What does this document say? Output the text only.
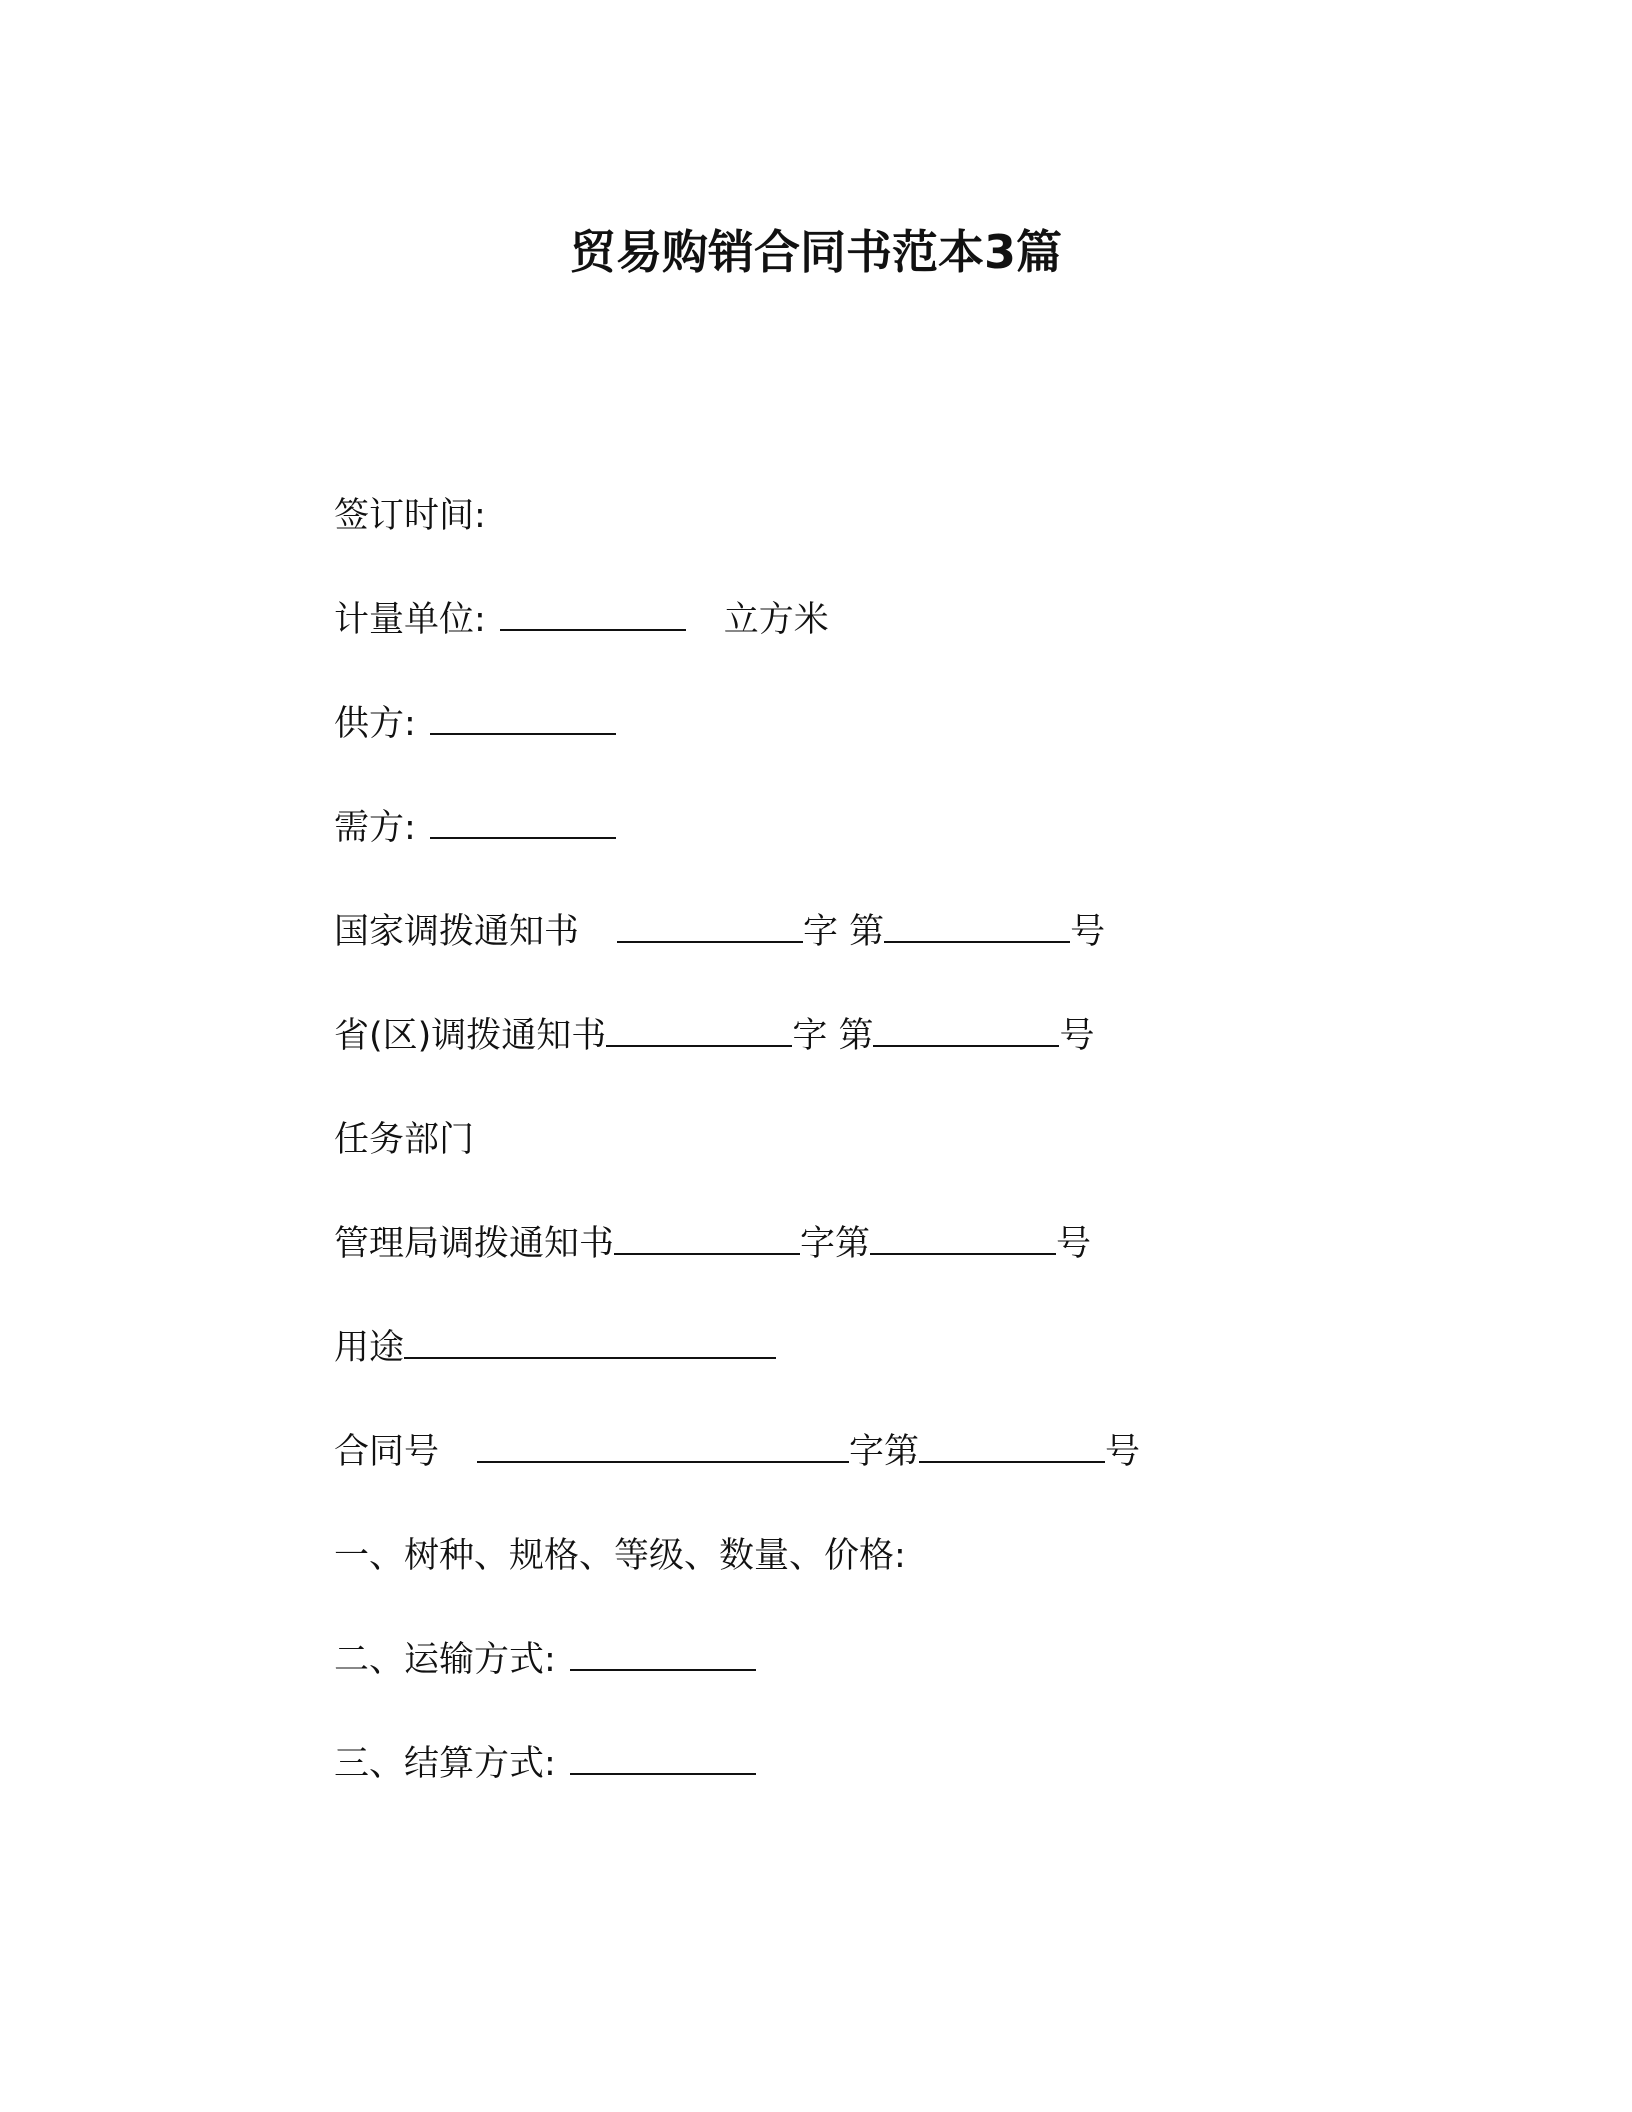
贸易购销合同书范本3篇
签订时间:
计量单位:	立方米
供方:
需方:
国家调拨通知书	字 第	号
省(区)调拨通知书	字 第	号
任务部门
管理局调拨通知书	字第	号
用途
合同号	字第	号
一、树种、规格、等级、数量、价格:
二、运输方式:
三、结算方式:
